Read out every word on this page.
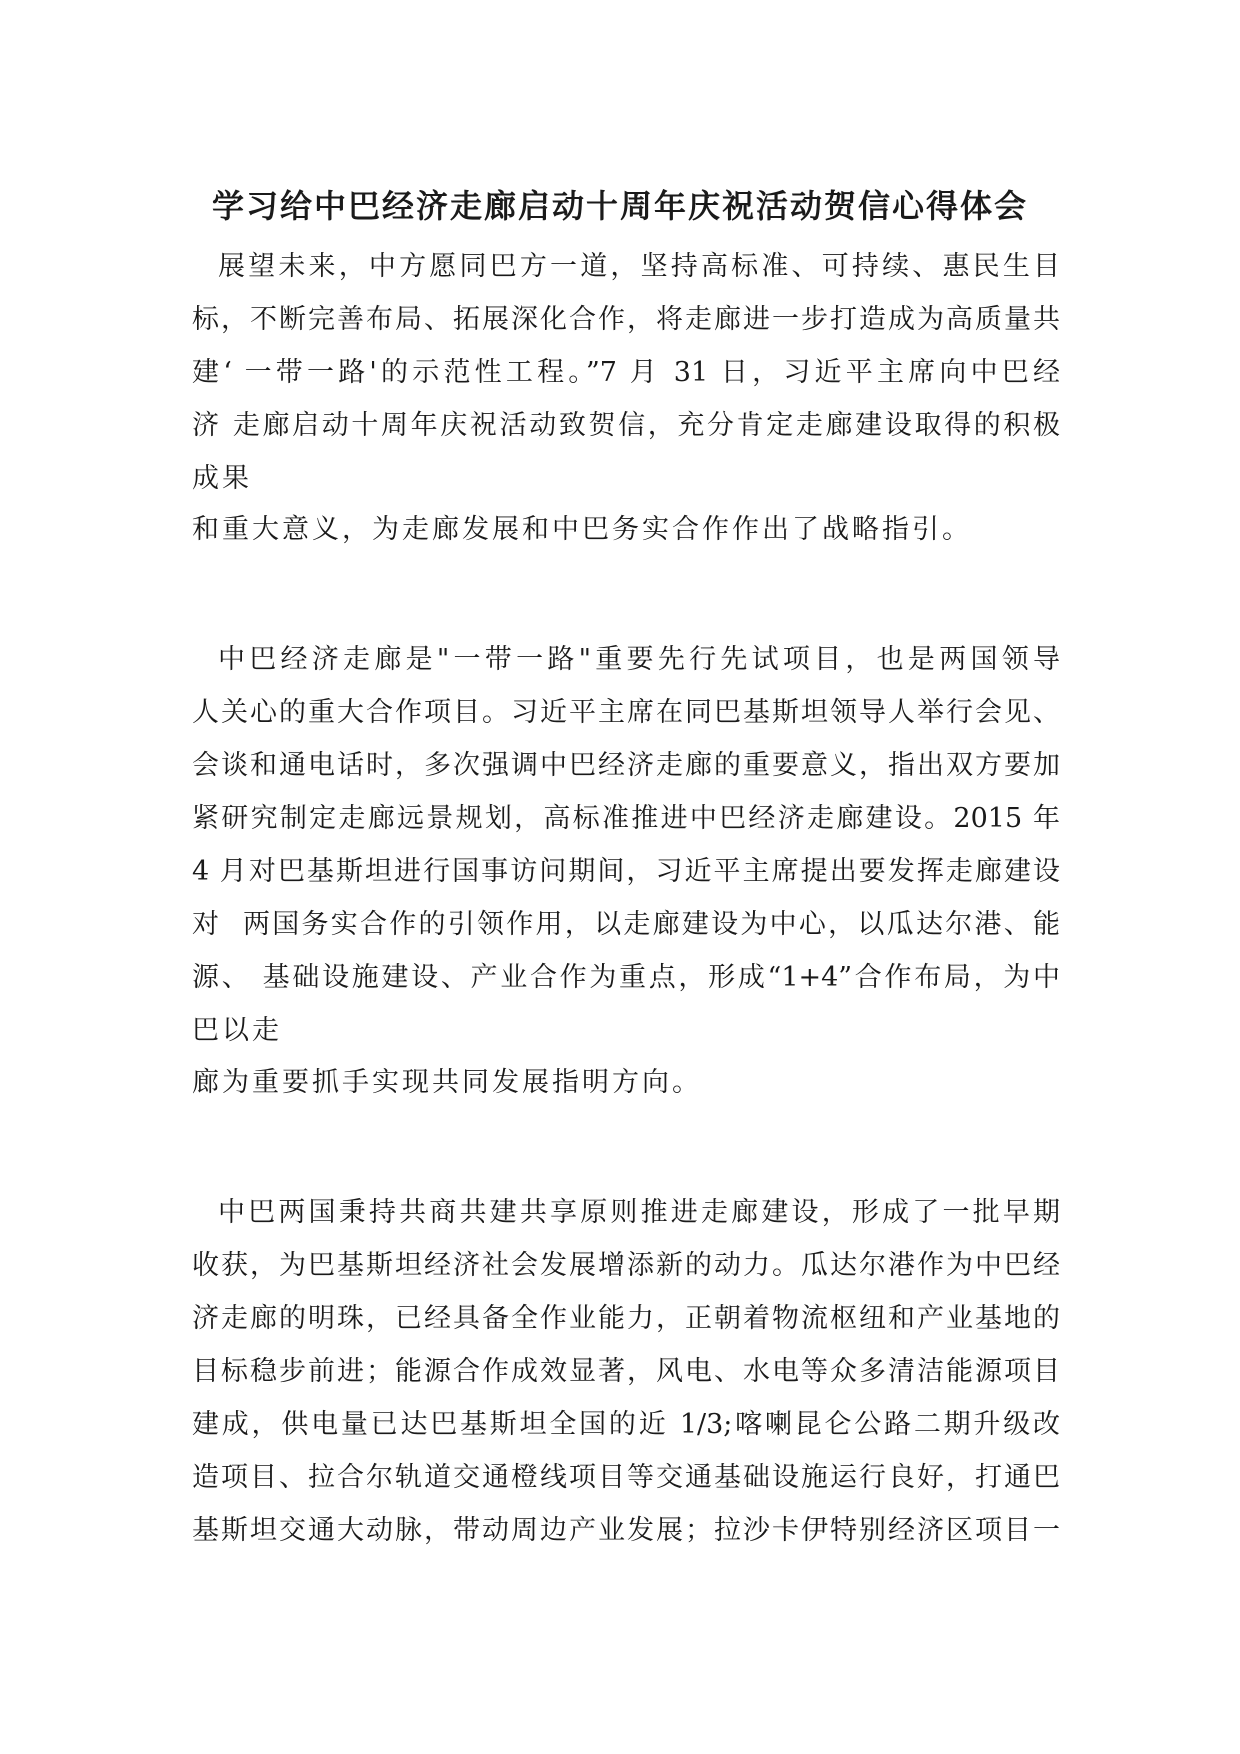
学习给中巴经济走廊启动十周年庆祝活动贺信心得体会
展望未来，中方愿同巴方一道，坚持高标准、可持续、惠民生目
标，不断完善布局、拓展深化合作，将走廊进一步打造成为高质量共
建‘ 一带一路'的示范性工程。”7 月 31 日，习近平主席向中巴经
济 走廊启动十周年庆祝活动致贺信，充分肯定走廊建设取得的积极
成果
和重大意义，为走廊发展和中巴务实合作作出了战略指引。
中巴经济走廊是"一带一路"重要先行先试项目，也是两国领导
人关心的重大合作项目。习近平主席在同巴基斯坦领导人举行会见、
会谈和通电话时，多次强调中巴经济走廊的重要意义，指出双方要加
紧研究制定走廊远景规划，高标准推进中巴经济走廊建设。2015 年
4 月对巴基斯坦进行国事访问期间，习近平主席提出要发挥走廊建设
对  两国务实合作的引领作用，以走廊建设为中心，以瓜达尔港、能
源、 基础设施建设、产业合作为重点，形成“1+4”合作布局，为中
巴以走
廊为重要抓手实现共同发展指明方向。
中巴两国秉持共商共建共享原则推进走廊建设，形成了一批早期
收获，为巴基斯坦经济社会发展增添新的动力。瓜达尔港作为中巴经
济走廊的明珠，已经具备全作业能力，正朝着物流枢纽和产业基地的
目标稳步前进；能源合作成效显著，风电、水电等众多清洁能源项目
建成，供电量已达巴基斯坦全国的近 1/3;喀喇昆仑公路二期升级改
造项目、拉合尔轨道交通橙线项目等交通基础设施运行良好，打通巴
基斯坦交通大动脉，带动周边产业发展；拉沙卡伊特别经济区项目一
